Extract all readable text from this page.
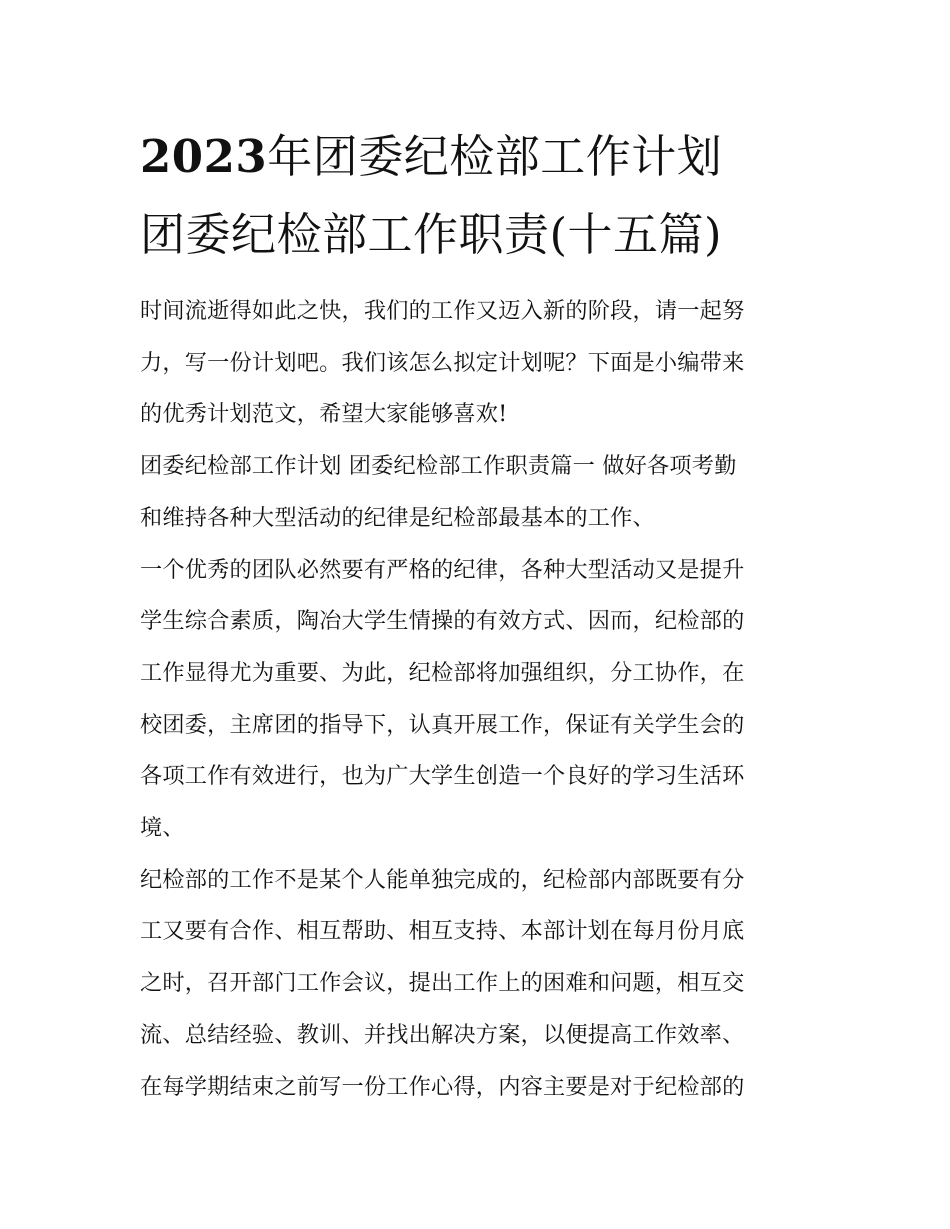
2023年团委纪检部工作计划
团委纪检部工作职责(十五篇)
时间流逝得如此之快，我们的工作又迈入新的阶段，请一起努
力，写一份计划吧。我们该怎么拟定计划呢？下面是小编带来
的优秀计划范文，希望大家能够喜欢!
团委纪检部工作计划 团委纪检部工作职责篇一 做好各项考勤
和维持各种大型活动的纪律是纪检部最基本的工作、
一个优秀的团队必然要有严格的纪律，各种大型活动又是提升
学生综合素质，陶冶大学生情操的有效方式、因而，纪检部的
工作显得尤为重要、为此，纪检部将加强组织，分工协作，在
校团委，主席团的指导下，认真开展工作，保证有关学生会的
各项工作有效进行，也为广大学生创造一个良好的学习生活环
境、
纪检部的工作不是某个人能单独完成的，纪检部内部既要有分
工又要有合作、相互帮助、相互支持、本部计划在每月份月底
之时，召开部门工作会议，提出工作上的困难和问题，相互交
流、总结经验、教训、并找出解决方案，以便提高工作效率、
在每学期结束之前写一份工作心得，内容主要是对于纪检部的
